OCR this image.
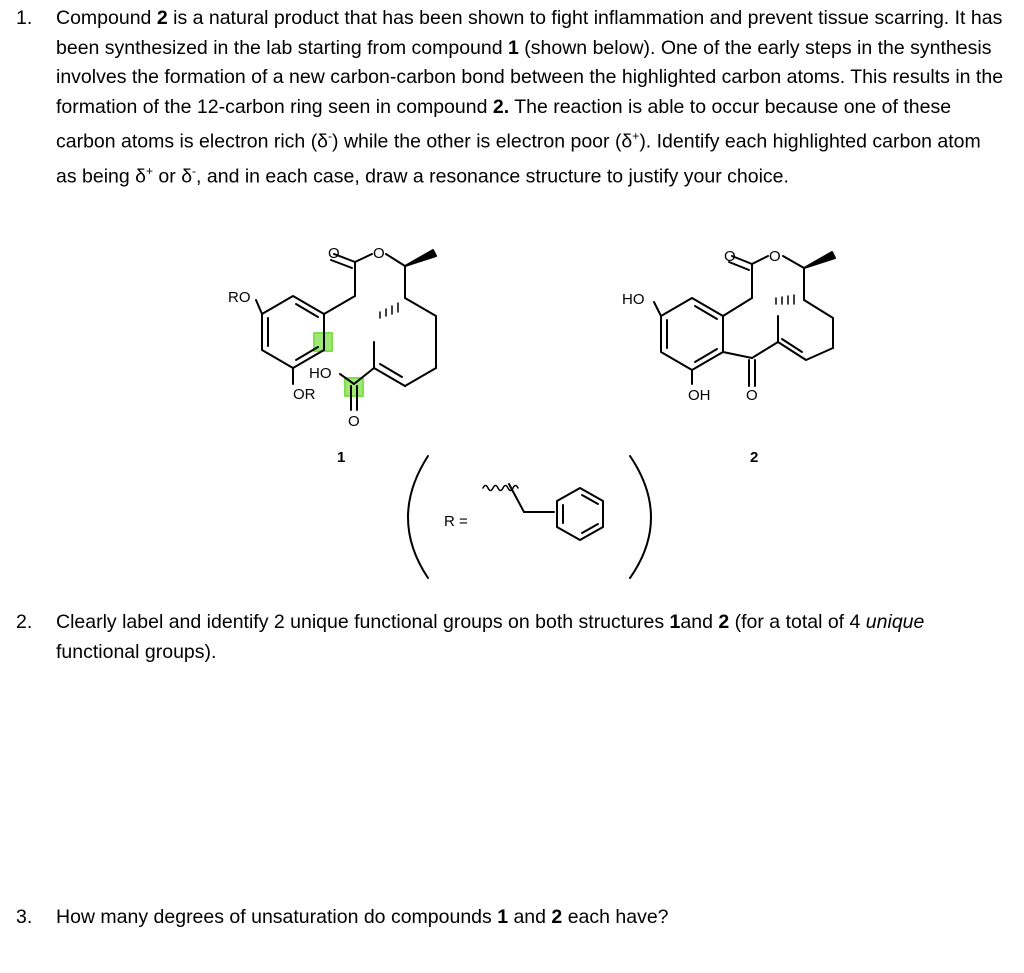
1. Compound 2 is a natural product that has been shown to fight inflammation and prevent tissue scarring. It has been synthesized in the lab starting from compound 1 (shown below). One of the early steps in the synthesis involves the formation of a new carbon-carbon bond between the highlighted carbon atoms. This results in the formation of the 12-carbon ring seen in compound 2. The reaction is able to occur because one of these carbon atoms is electron rich (δ-) while the other is electron poor (δ+). Identify each highlighted carbon atom as being δ+ or δ-, and in each case, draw a resonance structure to justify your choice.
O O
RO
HO
OR
O
1
O O
HO
OH O
2
R =
2. Clearly label and identify 2 unique functional groups on both structures 1and 2 (for a total of 4 unique functional groups).
3. How many degrees of unsaturation do compounds 1 and 2 each have?
